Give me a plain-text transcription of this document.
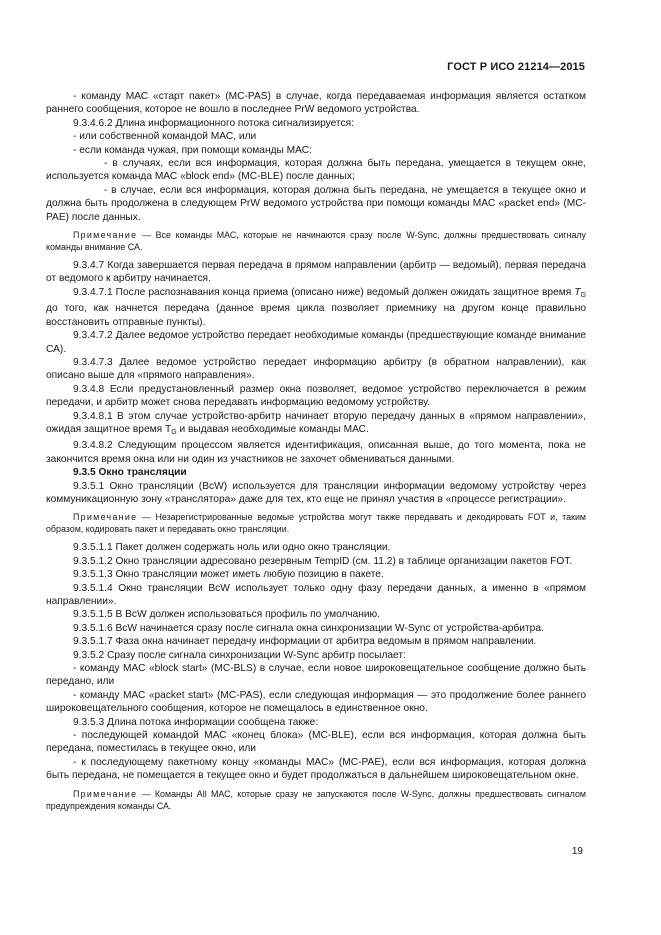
ГОСТ Р ИСО 21214—2015

- команду МАС «старт пакет» (MC-PAS) в случае, когда передаваемая информация является остатком раннего сообщения, которое не вошло в последнее PrW ведомого устройства.

9.3.4.6.2 Длина информационного потока сигнализируется:

- или собственной командой МАС, или

- если команда чужая, при помощи команды МАС:

- в случаях, если вся информация, которая должна быть передана, умещается в текущем окне, используется команда МАС «block end» (MC-BLE) после данных;

- в случае, если вся информация, которая должна быть передана, не умещается в текущее окно и должна быть продолжена в следующем PrW ведомого устройства при помощи команды МАС «packet end» (MC-PAE) после данных.

Примечание — Все команды МАС, которые не начинаются сразу после W-Sync, должны предшествовать сигналу команды внимание СА.

9.3.4.7 Когда завершается первая передача в прямом направлении (арбитр — ведомый), первая передача от ведомого к арбитру начинается.

9.3.4.7.1 После распознавания конца приема (описано ниже) ведомый должен ожидать защитное время $T_G$ до того, как начнется передача (данное время цикла позволяет приемнику на другом конце правильно восстановить отправные пункты).

9.3.4.7.2 Далее ведомое устройство передает необходимые команды (предшествующие команде внимание СА).

9.3.4.7.3 Далее ведомое устройство передает информацию арбитру (в обратном направлении), как описано выше для «прямого направления».

9.3.4.8 Если предустановленный размер окна позволяет, ведомое устройство переключается в режим передачи, и арбитр может снова передавать информацию ведомому устройству.

9.3.4.8.1 В этом случае устройство-арбитр начинает вторую передачу данных в «прямом направлении», ожидая защитное время $T_G$ и выдавая необходимые команды МАС.

9.3.4.8.2 Следующим процессом является идентификация, описанная выше, до того момента, пока не закончится время окна или ни один из участников не захочет обмениваться данными.

9.3.5 Окно трансляции

9.3.5.1 Окно трансляции (BcW) используется для трансляции информации ведомому устройству через коммуникационную зону «транслятора» даже для тех, кто еще не принял участия в «процессе регистрации».

Примечание — Незарегистрированные ведомые устройства могут также передавать и декодировать FOT и, таким образом, кодировать пакет и передавать окно трансляции.

9.3.5.1.1 Пакет должен содержать ноль или одно окно трансляции.

9.3.5.1.2 Окно трансляции адресовано резервным TempID (см. 11.2) в таблице организации пакетов FOT.

9.3.5.1.3 Окно трансляции может иметь любую позицию в пакете.

9.3.5.1.4 Окно трансляции BcW использует только одну фазу передачи данных, а именно в «прямом направлении».

9.3.5.1.5 В BcW должен использоваться профиль по умолчанию.

9.3.5.1.6 BcW начинается сразу после сигнала окна синхронизации W-Sync от устройства-арбитра.

9.3.5.1.7 Фаза окна начинает передачу информации от арбитра ведомым в прямом направлении.

9.3.5.2 Сразу после сигнала синхронизации W-Sync арбитр посылает:

- команду МАС «block start» (MC-BLS) в случае, если новое широковещательное сообщение должно быть передано, или

- команду МАС «packet start» (MC-PAS), если следующая информация — это продолжение более раннего широковещательного сообщения, которое не помещалось в единственное окно.

9.3.5.3 Длина потока информации сообщена также:

- последующей командой МАС «конец блока» (MC-BLE), если вся информация, которая должна быть передана, поместилась в текущее окно, или

- к последующему пакетному концу «команды МАС» (MC-PAE), если вся информация, которая должна быть передана, не помещается в текущее окно и будет продолжаться в дальнейшем широковещательном окне.

Примечание — Команды All МАС, которые сразу не запускаются после W-Sync, должны предшествовать сигналом предупреждения команды СА.

19
